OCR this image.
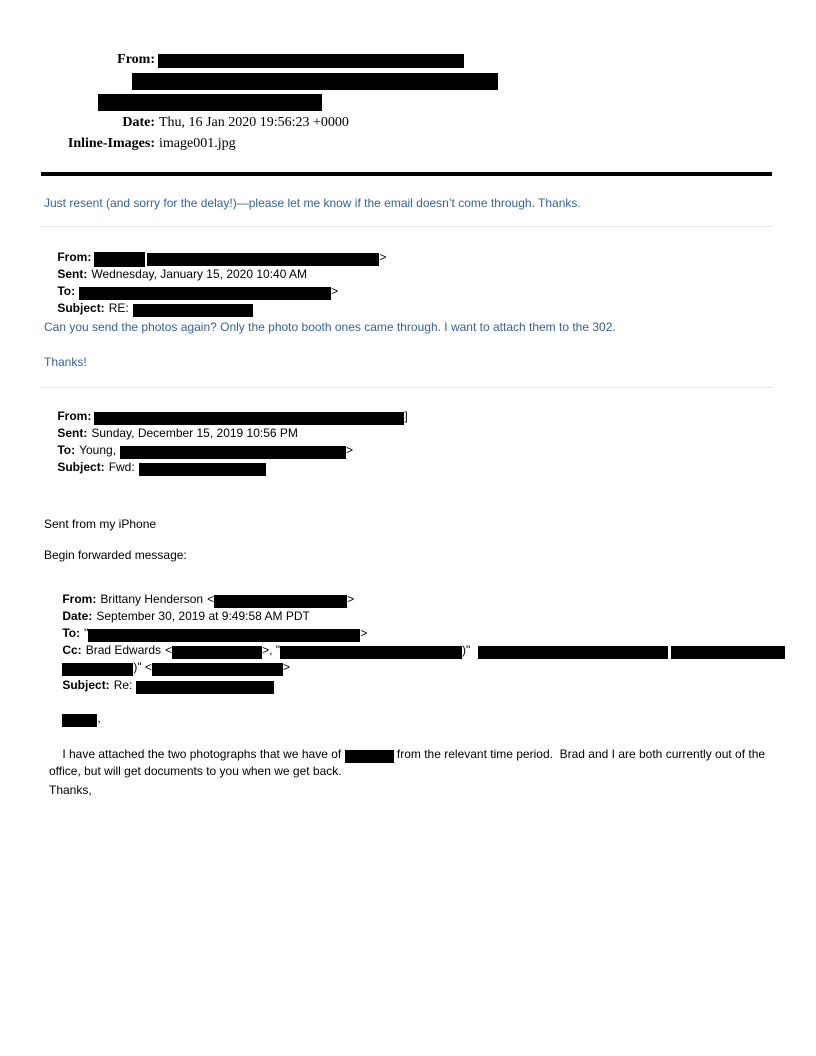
From:
Date: Thu, 16 Jan 2020 19:56:23 +0000
Inline-Images: image001.jpg
Just resent (and sorry for the delay!)—please let me know if the email doesn’t come through. Thanks.

From:	>

Sent: Wednesday, January 15, 2020 10:40 AM

To:	>

Subject: RE:

Can you send the photos again? Only the photo booth ones came through. I want to attach them to the 302.
Thanks!

From:	]

Sent: Sunday, December 15, 2019 10:56 PM

To: Young,	>

Subject: Fwd:

Sent from my iPhone
Begin forwarded message:

From: Brittany Henderson <	>

Date: September 30, 2019 at 9:49:58 AM PDT

To: "	>

Cc: Brad Edwards <	>, "	)"

)" <	>

Subject: Re:

,

I have attached the two photographs that we have of	from the relevant time period.  Brad and I are both currently out of the office, but will get documents to you when we get back.

Thanks,
